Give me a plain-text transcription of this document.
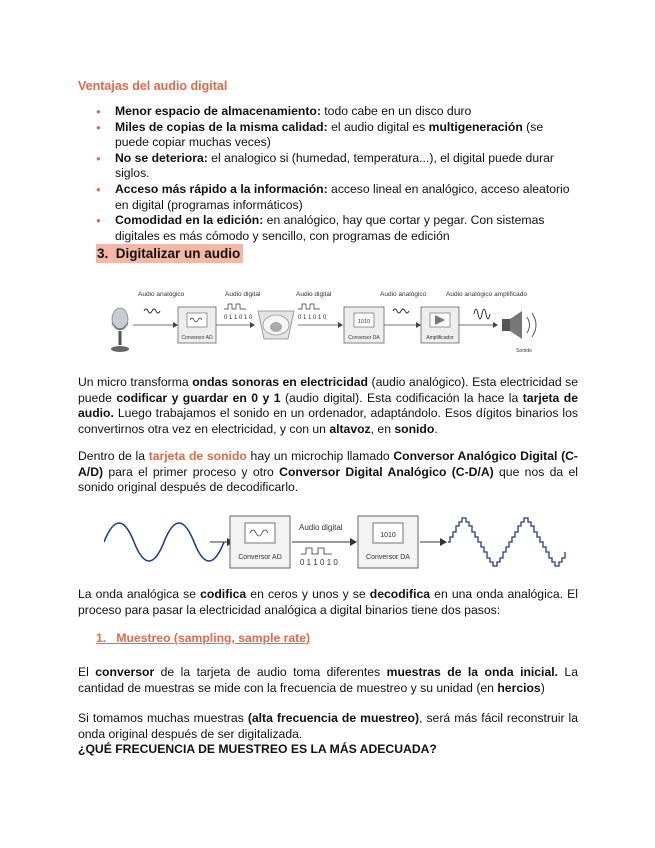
Ventajas del audio digital
● Menor espacio de almacenamiento: todo cabe en un disco duro
● Miles de copias de la misma calidad: el audio digital es multigeneración (se puede copiar muchas veces)
● No se deteriora: el analogico si (humedad, temperatura...), el digital puede durar siglos.
● Acceso más rápido a la información: acceso lineal en analógico, acceso aleatorio en digital (programas informáticos)
● Comodidad en la edición: en analógico, hay que cortar y pegar. Con sistemas digitales es más cómodo y sencillo, con programas de edición
3. Digitalizar un audio
Audio analógico	Audio digital	Audio digital	Audio analógico	Audio analógico amplificado
Conversor AD
0 1 1 0 1 0	0 1 1 0 1 0
1010
Conversor DA	Amplificador
Sonido

Un micro transforma ondas sonoras en electricidad (audio analógico). Esta electricidad se puede codificar y guardar en 0 y 1 (audio digital). Esta codificación la hace la tarjeta de audio. Luego trabajamos el sonido en un ordenador, adaptándolo. Esos dígitos binarios los convertirnos otra vez en electricidad, y con un altavoz, en sonido.

Dentro de la tarjeta de sonido hay un microchip llamado Conversor Analógico Digital (C-A/D) para el primer proceso y otro Conversor Digital Analógico (C-D/A) que nos da el sonido original después de decodificarlo.

Conversor AD
Audio digital
0 1 1 0 1 0
1010
Conversor DA

La onda analógica se codifica en ceros y unos y se decodifica en una onda analógica. El proceso para pasar la electricidad analógica a digital binarios tiene dos pasos:

1. Muestreo (sampling, sample rate)

El conversor de la tarjeta de audio toma diferentes muestras de la onda inicial. La cantidad de muestras se mide con la frecuencia de muestreo y su unidad (en hercios)

Si tomamos muchas muestras (alta frecuencia de muestreo), será más fácil reconstruir la onda original después de ser digitalizada.

¿QUÉ FRECUENCIA DE MUESTREO ES LA MÁS ADECUADA?
